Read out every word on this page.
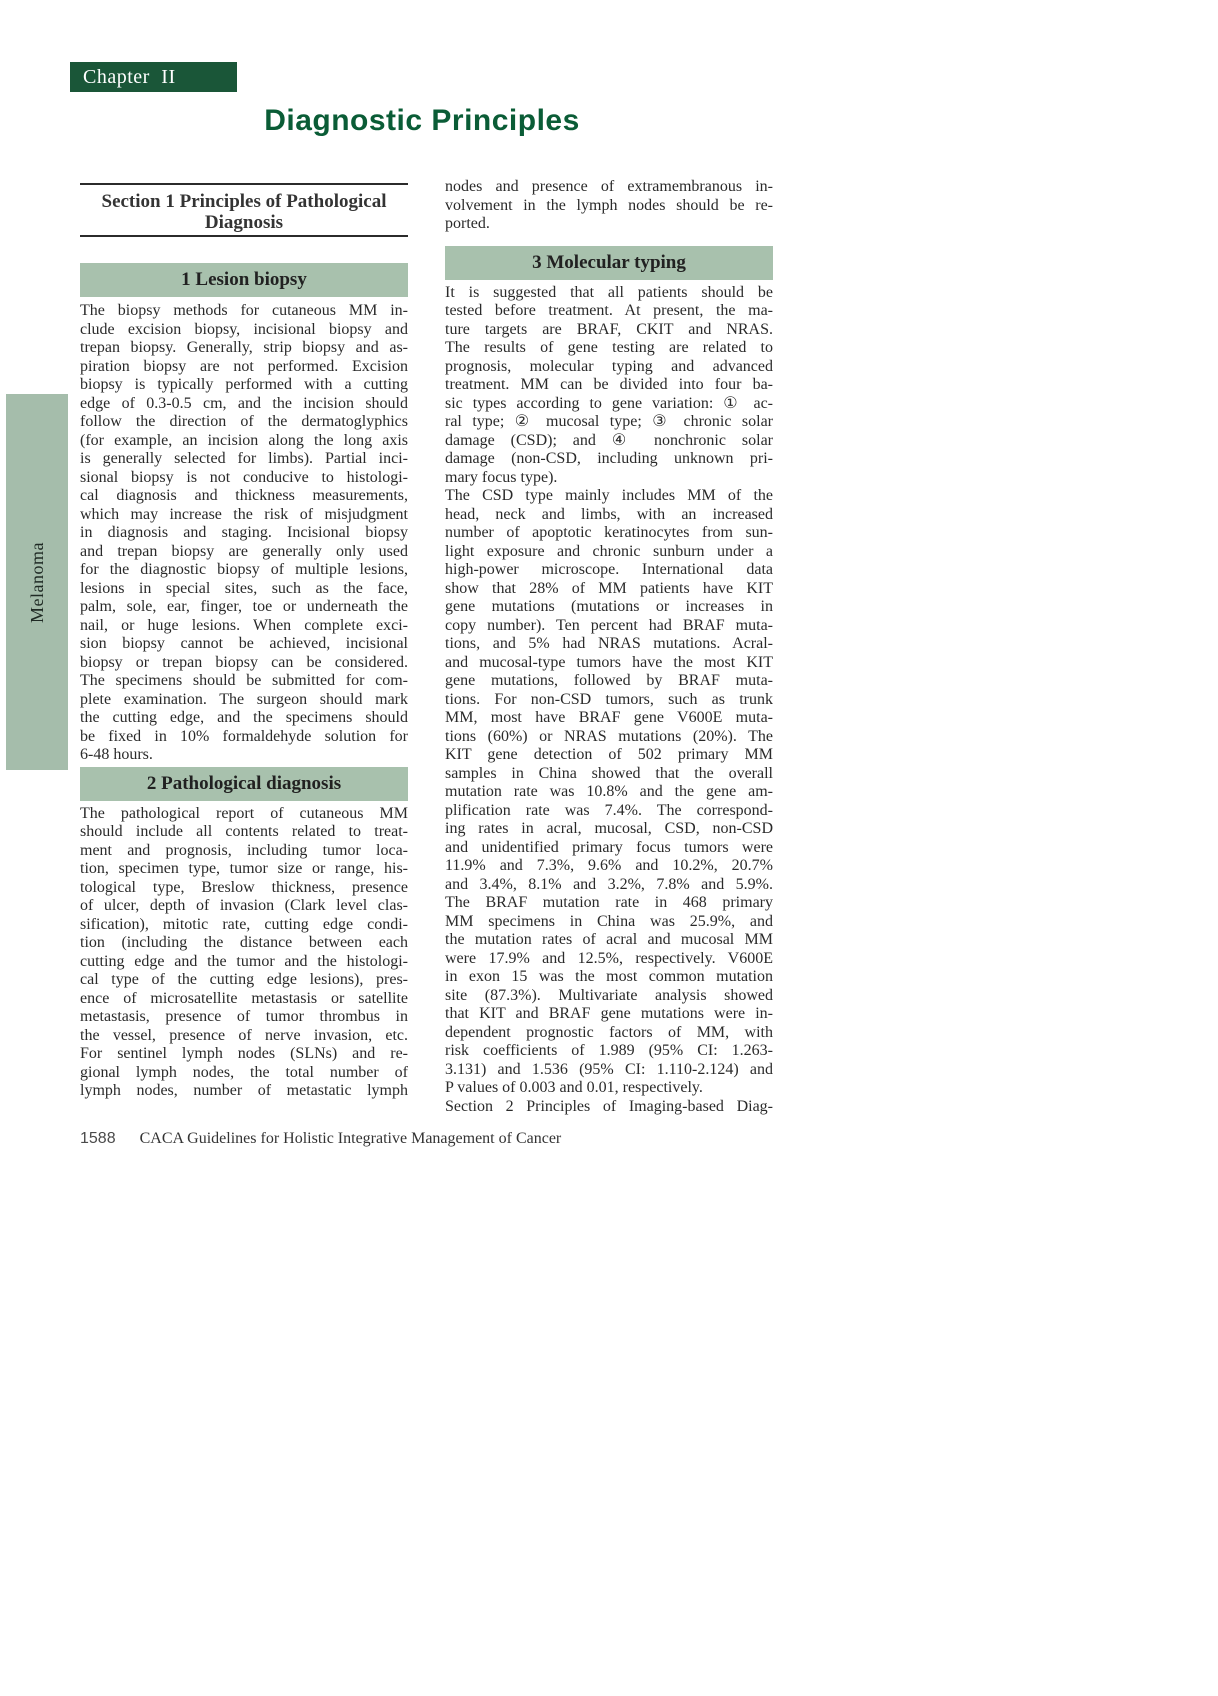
Chapter II
Diagnostic Principles
Melanoma
Section 1 Principles of Pathological
Diagnosis
1 Lesion biopsy
The biopsy methods for cutaneous MM in-
clude excision biopsy, incisional biopsy and
trepan biopsy. Generally, strip biopsy and as-
piration biopsy are not performed. Excision
biopsy is typically performed with a cutting
edge of 0.3-0.5 cm, and the incision should
follow the direction of the dermatoglyphics
(for example, an incision along the long axis
is generally selected for limbs). Partial inci-
sional biopsy is not conducive to histologi-
cal diagnosis and thickness measurements,
which may increase the risk of misjudgment
in diagnosis and staging. Incisional biopsy
and trepan biopsy are generally only used
for the diagnostic biopsy of multiple lesions,
lesions in special sites, such as the face,
palm, sole, ear, finger, toe or underneath the
nail, or huge lesions. When complete exci-
sion biopsy cannot be achieved, incisional
biopsy or trepan biopsy can be considered.
The specimens should be submitted for com-
plete examination. The surgeon should mark
the cutting edge, and the specimens should
be fixed in 10% formaldehyde solution for
6-48 hours.
2 Pathological diagnosis
The pathological report of cutaneous MM
should include all contents related to treat-
ment and prognosis, including tumor loca-
tion, specimen type, tumor size or range, his-
tological type, Breslow thickness, presence
of ulcer, depth of invasion (Clark level clas-
sification), mitotic rate, cutting edge condi-
tion (including the distance between each
cutting edge and the tumor and the histologi-
cal type of the cutting edge lesions), pres-
ence of microsatellite metastasis or satellite
metastasis, presence of tumor thrombus in
the vessel, presence of nerve invasion, etc.
For sentinel lymph nodes (SLNs) and re-
gional lymph nodes, the total number of
lymph nodes, number of metastatic lymph
nodes and presence of extramembranous in-
volvement in the lymph nodes should be re-
ported.
3 Molecular typing
It is suggested that all patients should be
tested before treatment. At present, the ma-
ture targets are BRAF, CKIT and NRAS.
The results of gene testing are related to
prognosis, molecular typing and advanced
treatment. MM can be divided into four ba-
sic types according to gene variation: ① ac-
ral type; ② mucosal type; ③ chronic solar
damage (CSD); and ④ nonchronic solar
damage (non-CSD, including unknown pri-
mary focus type).
The CSD type mainly includes MM of the
head, neck and limbs, with an increased
number of apoptotic keratinocytes from sun-
light exposure and chronic sunburn under a
high-power microscope. International data
show that 28% of MM patients have KIT
gene mutations (mutations or increases in
copy number). Ten percent had BRAF muta-
tions, and 5% had NRAS mutations. Acral-
and mucosal-type tumors have the most KIT
gene mutations, followed by BRAF muta-
tions. For non-CSD tumors, such as trunk
MM, most have BRAF gene V600E muta-
tions (60%) or NRAS mutations (20%). The
KIT gene detection of 502 primary MM
samples in China showed that the overall
mutation rate was 10.8% and the gene am-
plification rate was 7.4%. The correspond-
ing rates in acral, mucosal, CSD, non-CSD
and unidentified primary focus tumors were
11.9% and 7.3%, 9.6% and 10.2%, 20.7%
and 3.4%, 8.1% and 3.2%, 7.8% and 5.9%.
The BRAF mutation rate in 468 primary
MM specimens in China was 25.9%, and
the mutation rates of acral and mucosal MM
were 17.9% and 12.5%, respectively. V600E
in exon 15 was the most common mutation
site (87.3%). Multivariate analysis showed
that KIT and BRAF gene mutations were in-
dependent prognostic factors of MM, with
risk coefficients of 1.989 (95% CI: 1.263-
3.131) and 1.536 (95% CI: 1.110-2.124) and
P values of 0.003 and 0.01, respectively.
Section 2 Principles of Imaging-based Diag-
1588 CACA Guidelines for Holistic Integrative Management of Cancer
